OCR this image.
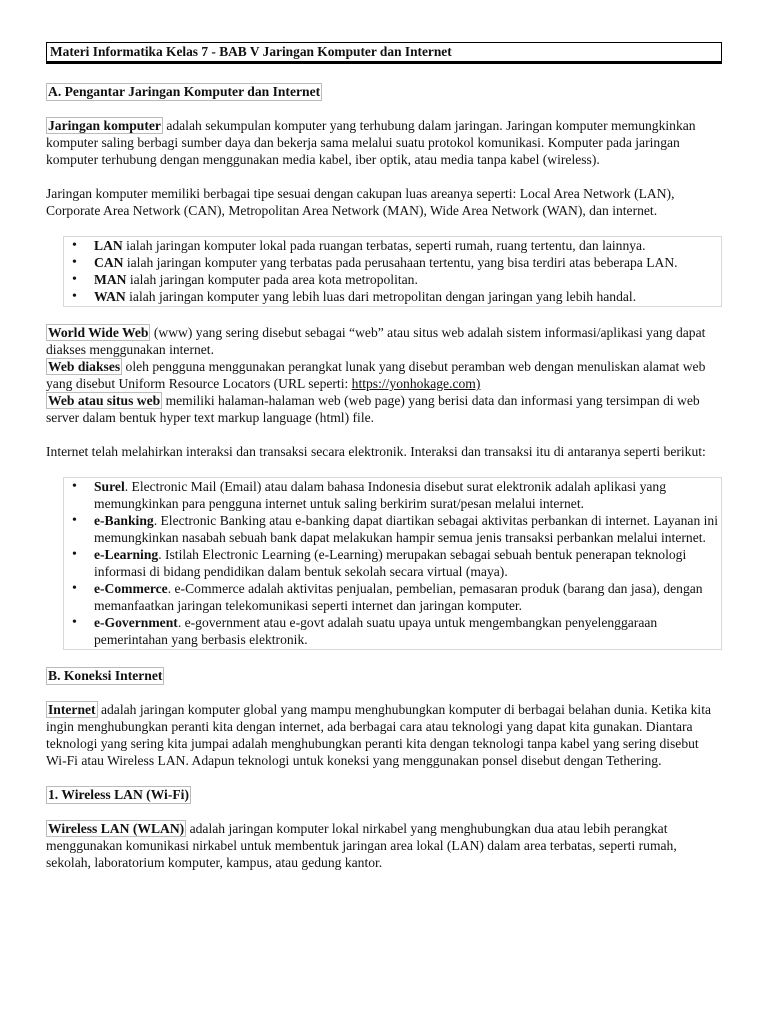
Materi Informatika Kelas 7 - BAB V Jaringan Komputer dan Internet
A. Pengantar Jaringan Komputer dan Internet

Jaringan komputer adalah sekumpulan komputer yang terhubung dalam jaringan. Jaringan komputer memungkinkan komputer saling berbagi sumber daya dan bekerja sama melalui suatu protokol komunikasi. Komputer pada jaringan komputer terhubung dengan menggunakan media kabel, iber optik, atau media tanpa kabel (wireless).

Jaringan komputer memiliki berbagai tipe sesuai dengan cakupan luas areanya seperti: Local Area Network (LAN), Corporate Area Network (CAN), Metropolitan Area Network (MAN), Wide Area Network (WAN), dan internet.

• LAN ialah jaringan komputer lokal pada ruangan terbatas, seperti rumah, ruang tertentu, dan lainnya.
• CAN ialah jaringan komputer yang terbatas pada perusahaan tertentu, yang bisa terdiri atas beberapa LAN.
• MAN ialah jaringan komputer pada area kota metropolitan.
• WAN ialah jaringan komputer yang lebih luas dari metropolitan dengan jaringan yang lebih handal.

World Wide Web (www) yang sering disebut sebagai “web” atau situs web adalah sistem informasi/aplikasi yang dapat diakses menggunakan internet.

Web diakses oleh pengguna menggunakan perangkat lunak yang disebut peramban web dengan menuliskan alamat web yang disebut Uniform Resource Locators (URL seperti: https://yonhokage.com)

Web atau situs web memiliki halaman-halaman web (web page) yang berisi data dan informasi yang tersimpan di web server dalam bentuk hyper text markup language (html) file.

Internet telah melahirkan interaksi dan transaksi secara elektronik. Interaksi dan transaksi itu di antaranya seperti berikut:

• Surel. Electronic Mail (Email) atau dalam bahasa Indonesia disebut surat elektronik adalah aplikasi yang memungkinkan para pengguna internet untuk saling berkirim surat/pesan melalui internet.
• e-Banking. Electronic Banking atau e-banking dapat diartikan sebagai aktivitas perbankan di internet. Layanan ini memungkinkan nasabah sebuah bank dapat melakukan hampir semua jenis transaksi perbankan melalui internet.
• e-Learning. Istilah Electronic Learning (e-Learning) merupakan sebagai sebuah bentuk penerapan teknologi informasi di bidang pendidikan dalam bentuk sekolah secara virtual (maya).
• e-Commerce. e-Commerce adalah aktivitas penjualan, pembelian, pemasaran produk (barang dan jasa), dengan memanfaatkan jaringan telekomunikasi seperti internet dan jaringan komputer.
• e-Government. e-government atau e-govt adalah suatu upaya untuk mengembangkan penyelenggaraan pemerintahan yang berbasis elektronik.
B. Koneksi Internet

Internet adalah jaringan komputer global yang mampu menghubungkan komputer di berbagai belahan dunia. Ketika kita ingin menghubungkan peranti kita dengan internet, ada berbagai cara atau teknologi yang dapat kita gunakan. Diantara teknologi yang sering kita jumpai adalah menghubungkan peranti kita dengan teknologi tanpa kabel yang sering disebut Wi-Fi atau Wireless LAN. Adapun teknologi untuk koneksi yang menggunakan ponsel disebut dengan Tethering.

1. Wireless LAN (Wi-Fi)

Wireless LAN (WLAN) adalah jaringan komputer lokal nirkabel yang menghubungkan dua atau lebih perangkat menggunakan komunikasi nirkabel untuk membentuk jaringan area lokal (LAN) dalam area terbatas, seperti rumah, sekolah, laboratorium komputer, kampus, atau gedung kantor.
